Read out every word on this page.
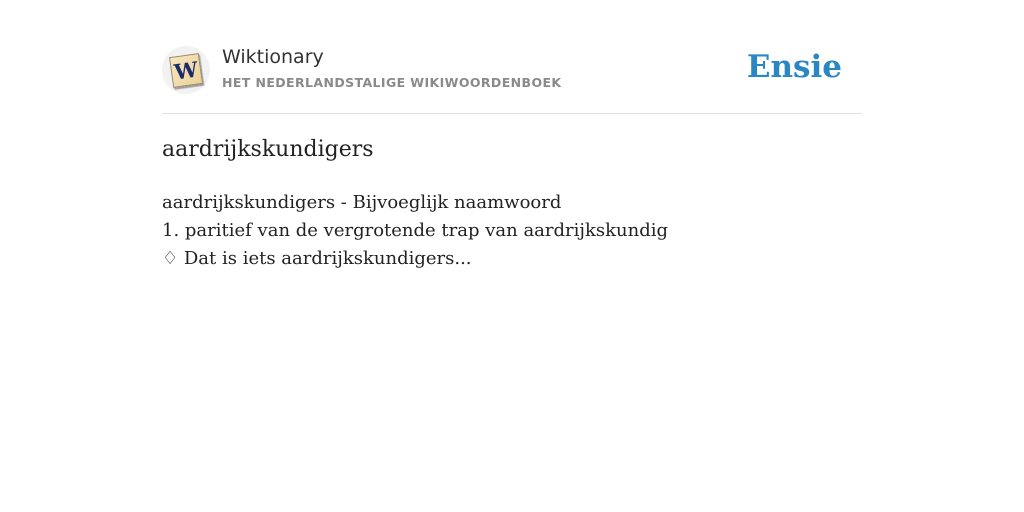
W Wiktionary
HET NEDERLANDSTALIGE WIKIWOORDENBOEK	Ensie
aardrijkskundigers
aardrijkskundigers - Bijvoeglijk naamwoord
1. paritief van de vergrotende trap van aardrijkskundig
♢ Dat is iets aardrijkskundigers...
